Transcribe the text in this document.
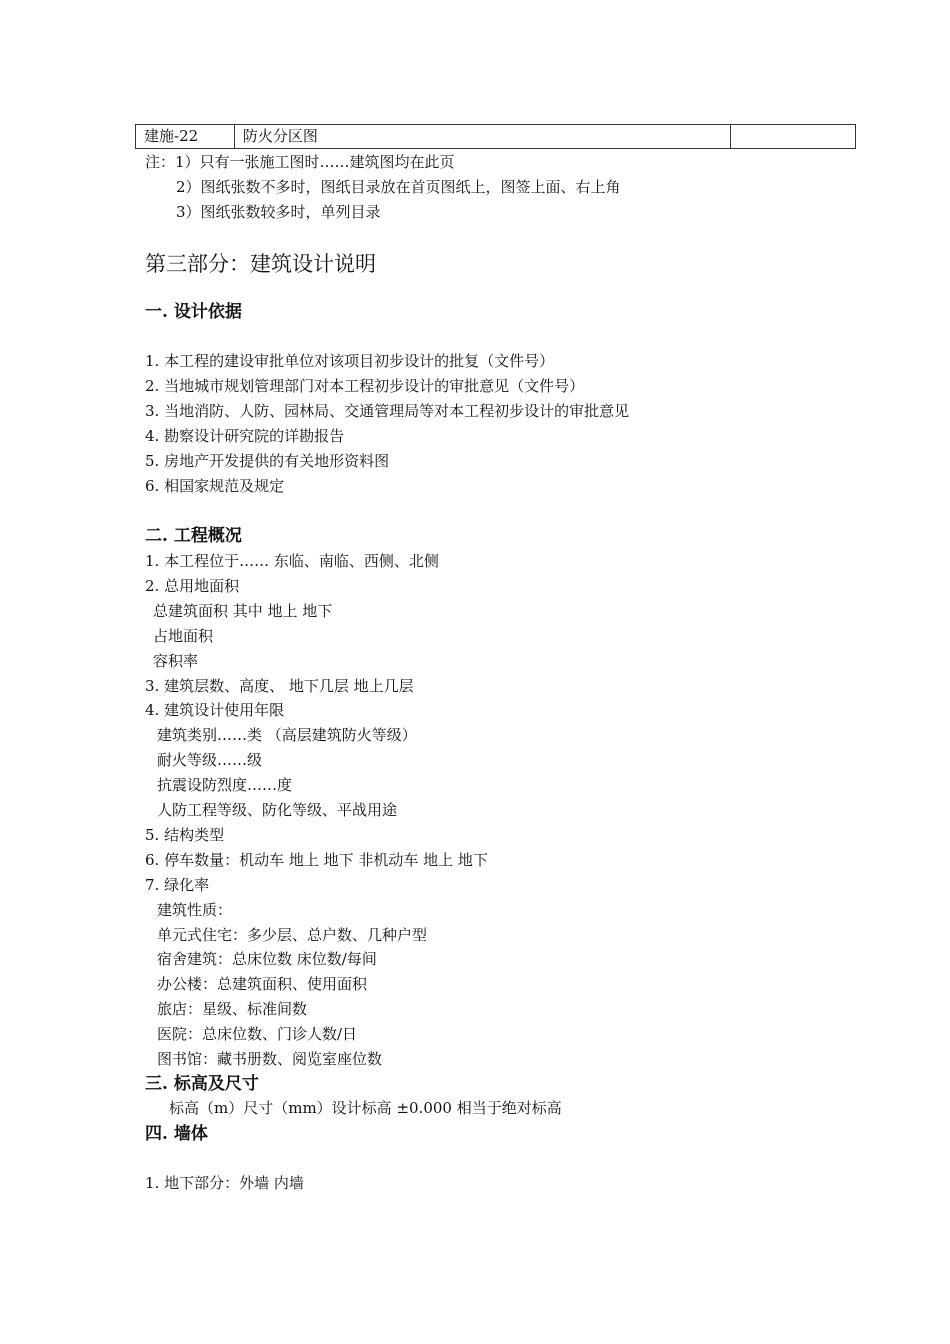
建施-22	防火分区图	
注：1）只有一张施工图时……建筑图均在此页
2）图纸张数不多时，图纸目录放在首页图纸上，图签上面、右上角
3）图纸张数较多时，单列目录
第三部分：建筑设计说明
一. 设计依据
1. 本工程的建设审批单位对该项目初步设计的批复（文件号）
2. 当地城市规划管理部门对本工程初步设计的审批意见（文件号）
3. 当地消防、人防、园林局、交通管理局等对本工程初步设计的审批意见
4. 勘察设计研究院的详勘报告
5. 房地产开发提供的有关地形资料图
6. 相国家规范及规定
二. 工程概况
1. 本工程位于…… 东临、南临、西侧、北侧
2. 总用地面积
总建筑面积 其中 地上 地下
占地面积
容积率
3. 建筑层数、高度、 地下几层 地上几层
4. 建筑设计使用年限
建筑类别……类 （高层建筑防火等级）
耐火等级……级
抗震设防烈度……度
人防工程等级、防化等级、平战用途
5. 结构类型
6. 停车数量：机动车 地上 地下 非机动车 地上 地下
7. 绿化率
建筑性质：
单元式住宅：多少层、总户数、几种户型
宿舍建筑：总床位数 床位数/每间
办公楼：总建筑面积、使用面积
旅店：星级、标准间数
医院：总床位数、门诊人数/日
图书馆：藏书册数、阅览室座位数
三. 标高及尺寸
标高（m）尺寸（mm）设计标高 ±0.000 相当于绝对标高
四. 墙体
1. 地下部分：外墙 内墙
